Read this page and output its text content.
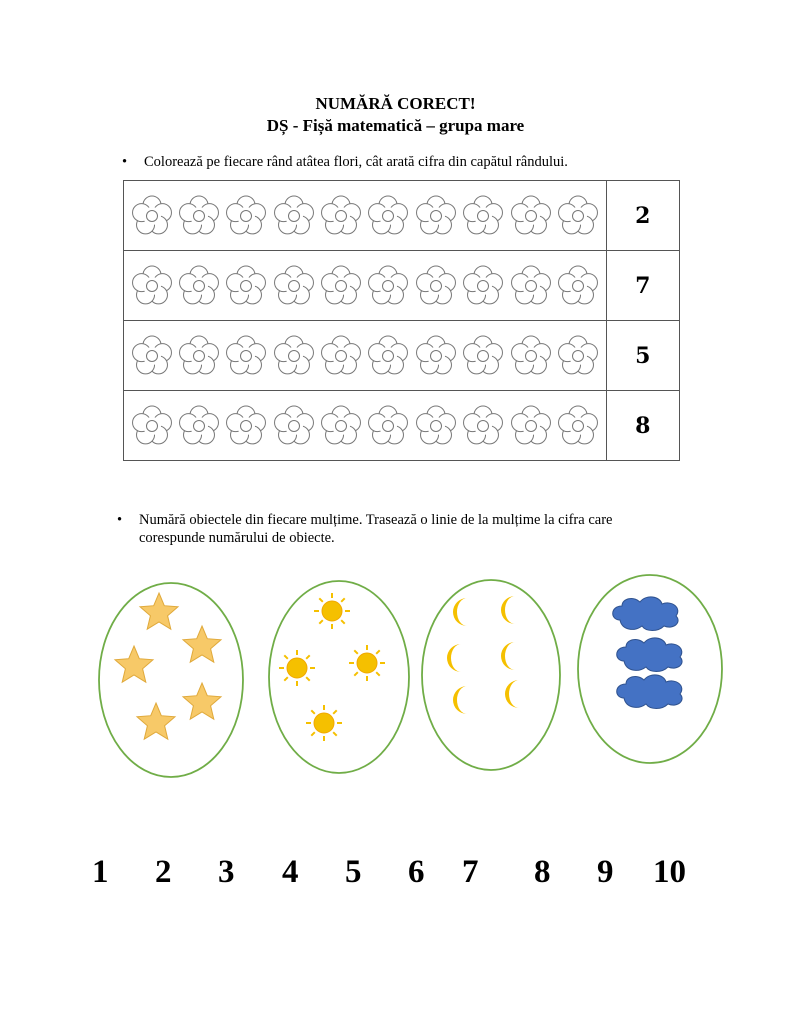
NUMĂRĂ CORECT!
DȘ - Fișă matematică – grupa mare
• Colorează pe fiecare rând atâtea flori, cât arată cifra din capătul rândului.
	2

	7

	5

	8
• Numără obiectele din fiecare mulțime. Trasează o linie de la mulțime la cifra care corespunde numărului de obiecte.
1 2 3 4 5 6 7 8 9 10
